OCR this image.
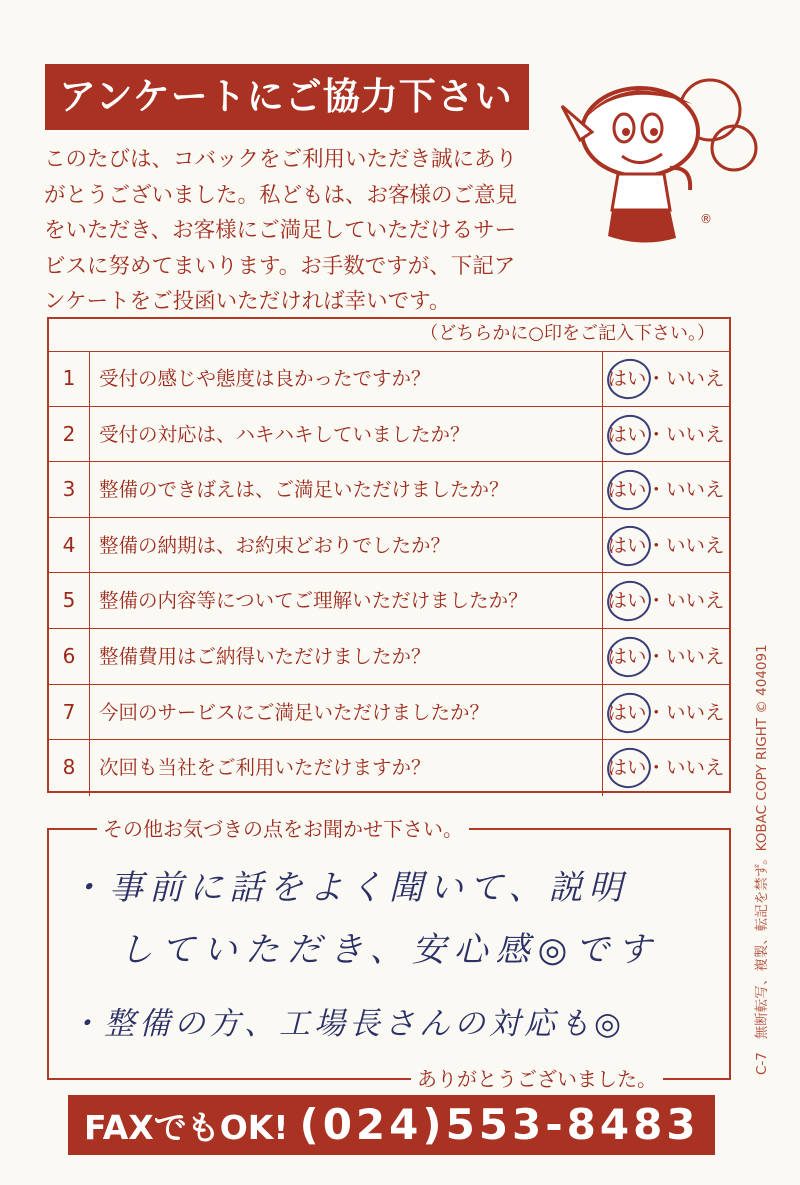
アンケートにご協力下さい
このたびは、コバックをご利用いただき誠にあり
がとうございました。私どもは、お客様のご意見
をいただき、お客様にご満足していただけるサー
ビスに努めてまいります。お手数ですが、下記ア
ンケートをご投函いただければ幸いです。
®
（どちらかに○印をご記入下さい。）
1	受付の感じや態度は良かったですか？	はい・いいえ
2	受付の対応は、ハキハキしていましたか？	はい・いいえ
3	整備のできばえは、ご満足いただけましたか？	はい・いいえ
4	整備の納期は、お約束どおりでしたか？	はい・いいえ
5	整備の内容等についてご理解いただけましたか？	はい・いいえ
6	整備費用はご納得いただけましたか？	はい・いいえ
7	今回のサービスにご満足いただけましたか？	はい・いいえ
8	次回も当社をご利用いただけますか？	はい・いいえ
その他お気づきの点をお聞かせ下さい。
・事前に話をよく聞いて、説明
していただき、安心感◎です
・整備の方、工場長さんの対応も◎
ありがとうございました。
FAXでもOK! (024)553-8483
C-7   無断転写、複製、転記を禁ず。KOBAC COPY RIGHT © 404091
